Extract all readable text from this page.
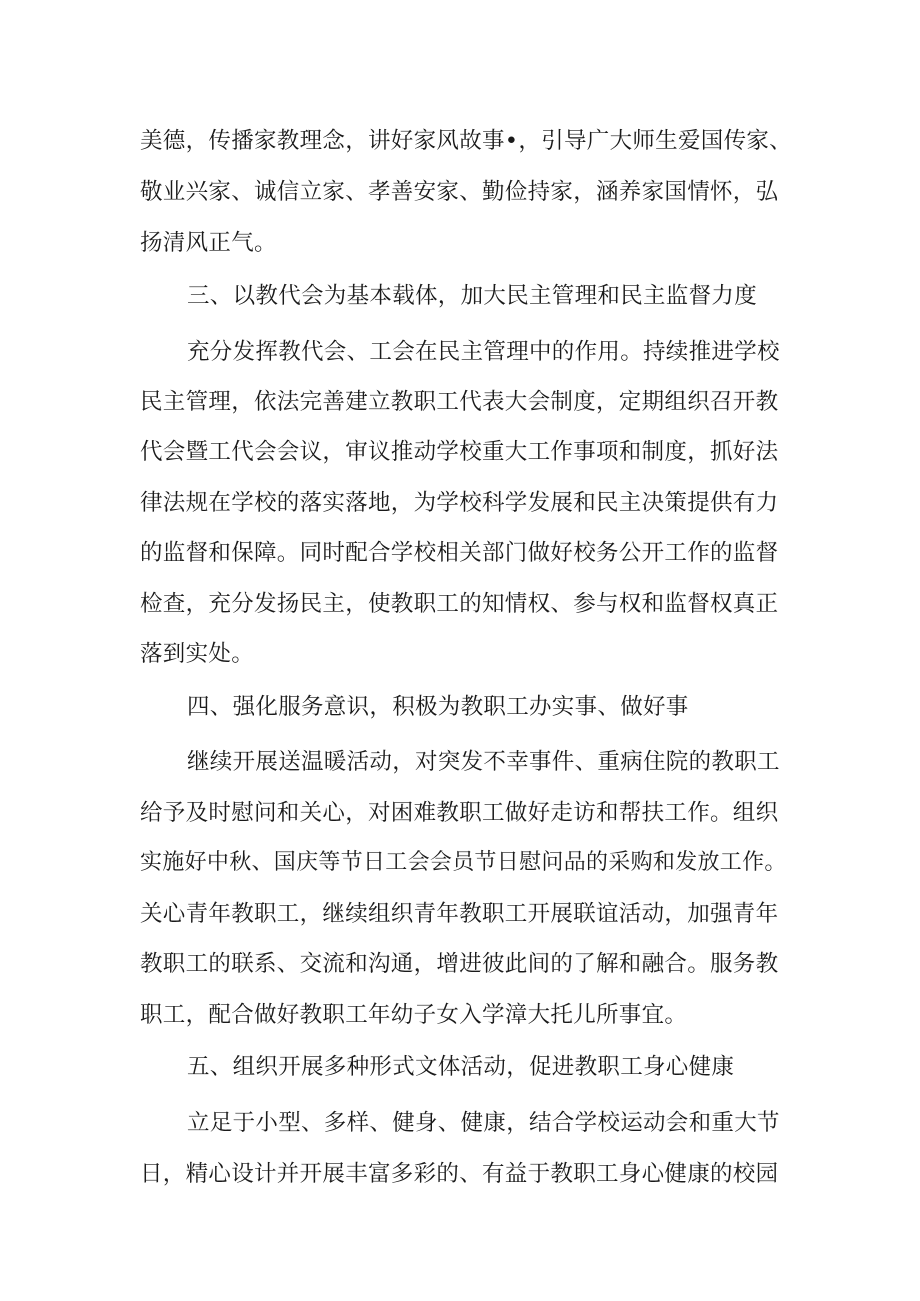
美德，传播家教理念，讲好家风故事•，引导广大师生爱国传家、
敬业兴家、诚信立家、孝善安家、勤俭持家，涵养家国情怀，弘
扬清风正气。
三、以教代会为基本载体，加大民主管理和民主监督力度
充分发挥教代会、工会在民主管理中的作用。持续推进学校
民主管理，依法完善建立教职工代表大会制度，定期组织召开教
代会暨工代会会议，审议推动学校重大工作事项和制度，抓好法
律法规在学校的落实落地，为学校科学发展和民主决策提供有力
的监督和保障。同时配合学校相关部门做好校务公开工作的监督
检查，充分发扬民主，使教职工的知情权、参与权和监督权真正
落到实处。
四、强化服务意识，积极为教职工办实事、做好事
继续开展送温暖活动，对突发不幸事件、重病住院的教职工
给予及时慰问和关心，对困难教职工做好走访和帮扶工作。组织
实施好中秋、国庆等节日工会会员节日慰问品的采购和发放工作。
关心青年教职工，继续组织青年教职工开展联谊活动，加强青年
教职工的联系、交流和沟通，增进彼此间的了解和融合。服务教
职工，配合做好教职工年幼子女入学漳大托儿所事宜。
五、组织开展多种形式文体活动，促进教职工身心健康
立足于小型、多样、健身、健康，结合学校运动会和重大节
日，精心设计并开展丰富多彩的、有益于教职工身心健康的校园
